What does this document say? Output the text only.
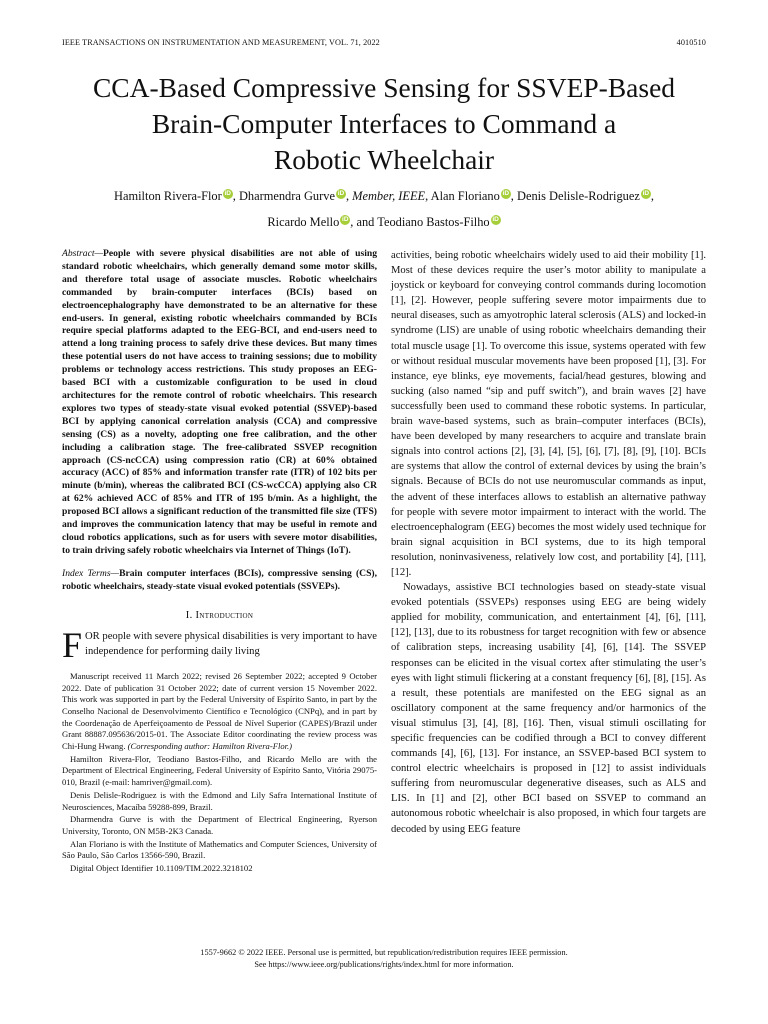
IEEE TRANSACTIONS ON INSTRUMENTATION AND MEASUREMENT, VOL. 71, 2022	4010510
CCA-Based Compressive Sensing for SSVEP-Based
Brain-Computer Interfaces to Command a
Robotic Wheelchair
Hamilton Rivera-Flor iD , Dharmendra Gurve iD , Member, IEEE, Alan Floriano iD , Denis Delisle-Rodriguez iD ,
Ricardo Mello iD , and Teodiano Bastos-Filho iD
Abstract—People with severe physical disabilities are not able of using standard robotic wheelchairs, which generally demand some motor skills, and therefore total usage of associate muscles. Robotic wheelchairs commanded by brain-computer interfaces (BCIs) based on electroencephalography have demonstrated to be an alternative for these end-users. In general, existing robotic wheelchairs commanded by BCIs require special platforms adapted to the EEG-BCI, and end-users need to attend a long training process to safely drive these devices. But many times these potential users do not have access to training sessions; due to mobility problems or technology access restrictions. This study proposes an EEG-based BCI with a customizable configuration to be used in cloud architectures for the remote control of robotic wheelchairs. This research explores two types of steady-state visual evoked potential (SSVEP)-based BCI by applying canonical correlation analysis (CCA) and compressive sensing (CS) as a novelty, adopting one free calibration, and the other including a calibration stage. The free-calibrated SSVEP recognition approach (CS-ncCCA) using compression ratio (CR) at 60% obtained accuracy (ACC) of 85% and information transfer rate (ITR) of 102 bits per minute (b/min), whereas the calibrated BCI (CS-wcCCA) applying also CR at 62% achieved ACC of 85% and ITR of 195 b/min. As a highlight, the proposed BCI allows a significant reduction of the transmitted file size (TFS) and improves the communication latency that may be useful in remote and cloud robotics applications, such as for users with severe motor disabilities, to train driving safely robotic wheelchairs via Internet of Things (IoT).
Index Terms—Brain computer interfaces (BCIs), compressive sensing (CS), robotic wheelchairs, steady-state visual evoked potentials (SSVEPs).
I. Introduction
FOR people with severe physical disabilities is very important to have independence for performing daily living

Manuscript received 11 March 2022; revised 26 September 2022; accepted 9 October 2022. Date of publication 31 October 2022; date of current version 15 November 2022. This work was supported in part by the Federal University of Espírito Santo, in part by the Conselho Nacional de Desenvolvimento Científico e Tecnológico (CNPq), and in part by the Coordenação de Aperfeiçoamento de Pessoal de Nível Superior (CAPES)/Brazil under Grant 88887.095636/2015-01. The Associate Editor coordinating the review process was Chi-Hung Hwang. (Corresponding author: Hamilton Rivera-Flor.)

Hamilton Rivera-Flor, Teodiano Bastos-Filho, and Ricardo Mello are with the Department of Electrical Engineering, Federal University of Espírito Santo, Vitória 29075-010, Brazil (e-mail: hamriver@gmail.com).

Denis Delisle-Rodriguez is with the Edmond and Lily Safra International Institute of Neurosciences, Macaíba 59288-899, Brazil.

Dharmendra Gurve is with the Department of Electrical Engineering, Ryerson University, Toronto, ON M5B-2K3 Canada.

Alan Floriano is with the Institute of Mathematics and Computer Sciences, University of São Paulo, São Carlos 13566-590, Brazil.

Digital Object Identifier 10.1109/TIM.2022.3218102

activities, being robotic wheelchairs widely used to aid their mobility [1]. Most of these devices require the user’s motor ability to manipulate a joystick or keyboard for conveying control commands during locomotion [1], [2]. However, people suffering severe motor impairments due to neural diseases, such as amyotrophic lateral sclerosis (ALS) and locked-in syndrome (LIS) are unable of using robotic wheelchairs demanding their total muscle usage [1]. To overcome this issue, systems operated with few or without residual muscular movements have been proposed [1], [3]. For instance, eye blinks, eye movements, facial/head gestures, blowing and sucking (also named “sip and puff switch”), and brain waves [2] have successfully been used to command these robotic systems. In particular, brain wave-based systems, such as brain–computer interfaces (BCIs), have been developed by many researchers to acquire and translate brain signals into control actions [2], [3], [4], [5], [6], [7], [8], [9], [10]. BCIs are systems that allow the control of external devices by using the brain’s signals. Because of BCIs do not use neuromuscular commands as input, the advent of these interfaces allows to establish an alternative pathway for people with severe motor impairment to interact with the world. The electroencephalogram (EEG) becomes the most widely used technique for brain signal acquisition in BCI systems, due to its high temporal resolution, noninvasiveness, relatively low cost, and portability [4], [11], [12].

Nowadays, assistive BCI technologies based on steady-state visual evoked potentials (SSVEPs) responses using EEG are being widely applied for mobility, communication, and entertainment [4], [6], [11], [12], [13], due to its robustness for target recognition with few or absence of calibration steps, increasing usability [4], [6], [14]. The SSVEP responses can be elicited in the visual cortex after stimulating the user’s eyes with light stimuli flickering at a constant frequency [6], [8], [15]. As a result, these potentials are manifested on the EEG signal as an oscillatory component at the same frequency and/or harmonics of the visual stimulus [3], [4], [8], [16]. Then, visual stimuli oscillating for specific frequencies can be codified through a BCI to convey different commands [4], [6], [13]. For instance, an SSVEP-based BCI system to control electric wheelchairs is proposed in [12] to assist individuals suffering from neuromuscular degenerative diseases, such as ALS and LIS. In [1] and [2], other BCI based on SSVEP to command an autonomous robotic wheelchair is also proposed, in which four targets are decoded by using EEG feature

1557-9662 © 2022 IEEE. Personal use is permitted, but republication/redistribution requires IEEE permission.
See https://www.ieee.org/publications/rights/index.html for more information.
